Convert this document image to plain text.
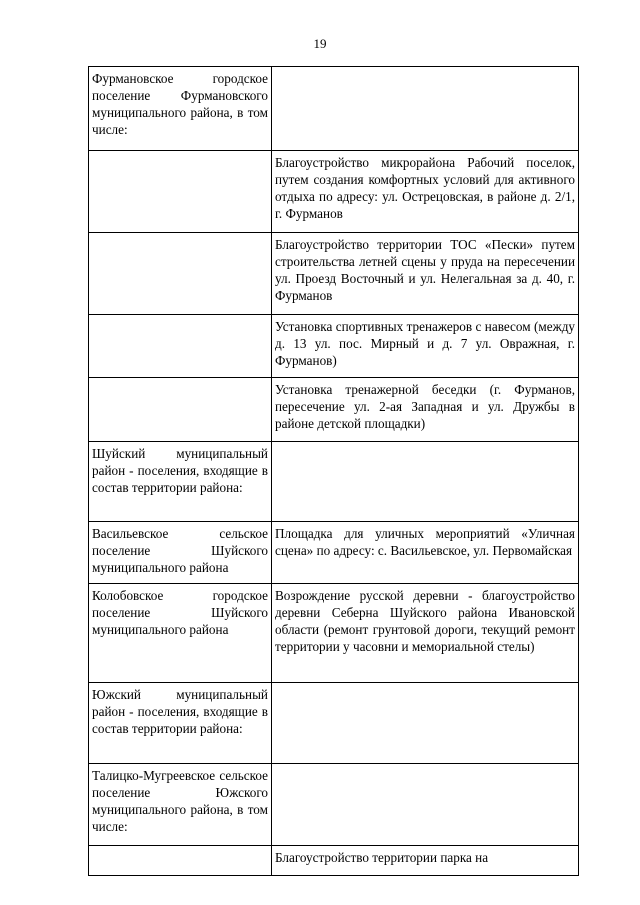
19
Фурмановское городское поселение Фурмановского муниципального района, в том числе:	
	Благоустройство микрорайона Рабочий поселок, путем создания комфортных условий для активного отдыха по адресу: ул. Острецовская, в районе д. 2/1, г. Фурманов
	Благоустройство территории ТОС «Пески» путем строительства летней сцены у пруда на пересечении ул. Проезд Восточный и ул. Нелегальная за д. 40, г. Фурманов
	Установка спортивных тренажеров с навесом (между д. 13 ул. пос. Мирный и д. 7 ул. Овражная, г. Фурманов)
	Установка тренажерной беседки (г. Фурманов, пересечение ул. 2-ая Западная и ул. Дружбы в районе детской площадки)
Шуйский муниципальный район - поселения, входящие в состав территории района:	
Васильевское сельское поселение Шуйского муниципального района	Площадка для уличных мероприятий «Уличная сцена» по адресу: с. Васильевское, ул. Первомайская
Колобовское городское поселение Шуйского муниципального района	Возрождение русской деревни - благоустройство деревни Себерна Шуйского района Ивановской области (ремонт грунтовой дороги, текущий ремонт территории у часовни и мемориальной стелы)
Южский муниципальный район - поселения, входящие в состав территории района:	
Талицко-Мугреевское сельское поселение Южского муниципального района, в том числе:	
	Благоустройство территории парка на
